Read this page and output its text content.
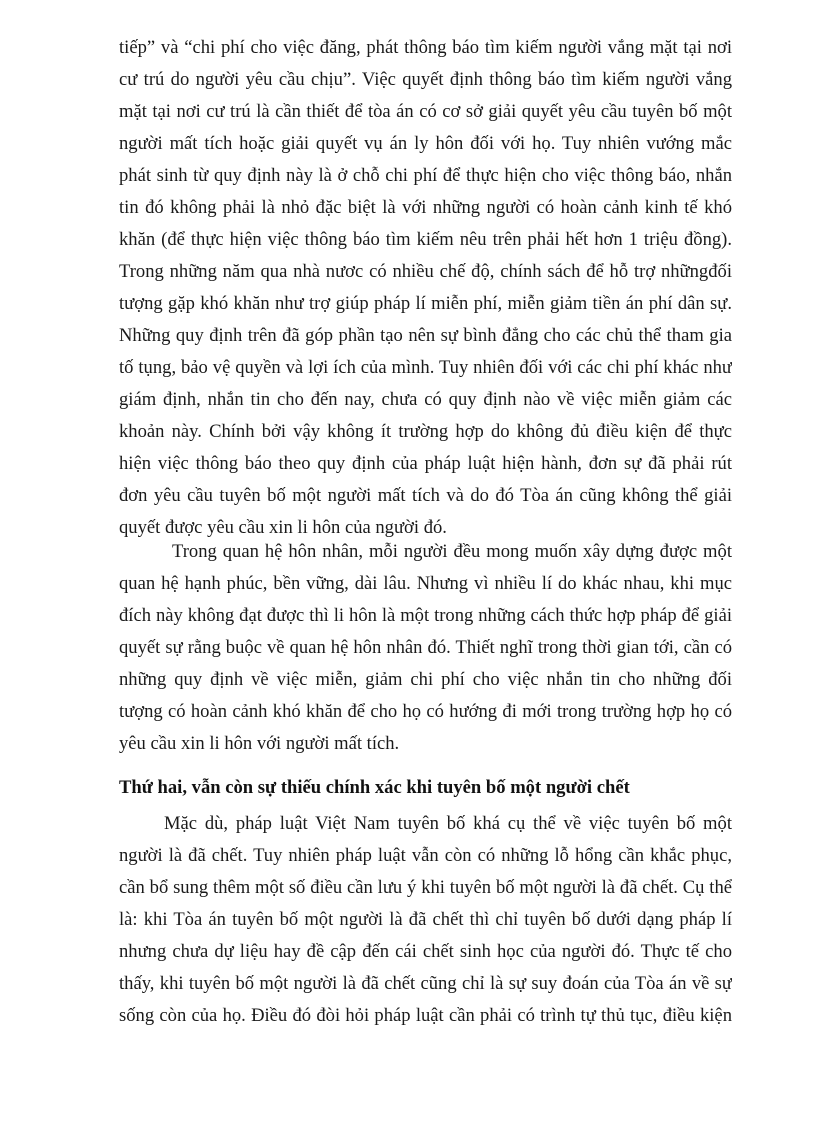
tiếp” và “chi phí cho việc đăng, phát thông báo tìm kiếm người vắng mặt tại nơi
cư trú do người yêu cầu chịu”. Việc quyết định thông báo tìm kiếm người vắng
mặt tại nơi cư trú là cần thiết để tòa án có cơ sở giải quyết yêu cầu tuyên bố một
người mất tích hoặc giải quyết vụ án ly hôn đối với họ. Tuy nhiên vướng mắc
phát sinh từ quy định này là ở chỗ chi phí để thực hiện cho việc thông báo, nhắn
tin đó không phải là nhỏ đặc biệt là với những người có hoàn cảnh kinh tế khó
khăn (để thực hiện việc thông báo tìm kiếm nêu trên phải hết hơn 1 triệu đồng).
Trong những năm qua nhà nươc có nhiều chế độ, chính sách để hỗ trợ nhữngđối
tượng gặp khó khăn như trợ giúp pháp lí miễn phí, miễn giảm tiền án phí dân sự.
Những quy định trên đã góp phần tạo nên sự bình đẳng cho các chủ thể tham gia
tố tụng, bảo vệ quyền và lợi ích của mình. Tuy nhiên đối với các chi phí khác như
giám định, nhắn tin cho đến nay, chưa có quy định nào về việc miễn giảm các
khoản này. Chính bởi vậy không ít trường hợp do không đủ điều kiện để thực
hiện việc thông báo theo quy định của pháp luật hiện hành, đơn sự đã phải rút
đơn yêu cầu tuyên bố một người mất tích và do đó Tòa án cũng không thể giải
quyết được yêu cầu xin li hôn của người đó.
Trong quan hệ hôn nhân, mỗi người đều mong muốn xây dựng được một
quan hệ hạnh phúc, bền vững, dài lâu. Nhưng vì nhiều lí do khác nhau, khi mục
đích này không đạt được thì li hôn là một trong những cách thức hợp pháp để giải
quyết sự rằng buộc về quan hệ hôn nhân đó. Thiết nghĩ trong thời gian tới, cần có
những quy định về việc miễn, giảm chi phí cho việc nhắn tin cho những đối
tượng có hoàn cảnh khó khăn để cho họ có hướng đi mới trong trường hợp họ có
yêu cầu xin li hôn với người mất tích.
Thứ hai, vẫn còn sự thiếu chính xác khi tuyên bố một người chết
Mặc dù, pháp luật Việt Nam tuyên bố khá cụ thể về việc tuyên bố một
người là đã chết. Tuy nhiên pháp luật vẫn còn có những lỗ hổng cần khắc phục,
cần bổ sung thêm một số điều cần lưu ý khi tuyên bố một người là đã chết. Cụ thể
là: khi Tòa án tuyên bố một người là đã chết thì chỉ tuyên bố dưới dạng pháp lí
nhưng chưa dự liệu hay đề cập đến cái chết sinh học của người đó. Thực tế cho
thấy, khi tuyên bố một người là đã chết cũng chỉ là sự suy đoán của Tòa án về sự
sống còn của họ. Điều đó đòi hỏi pháp luật cần phải có trình tự thủ tục, điều kiện
